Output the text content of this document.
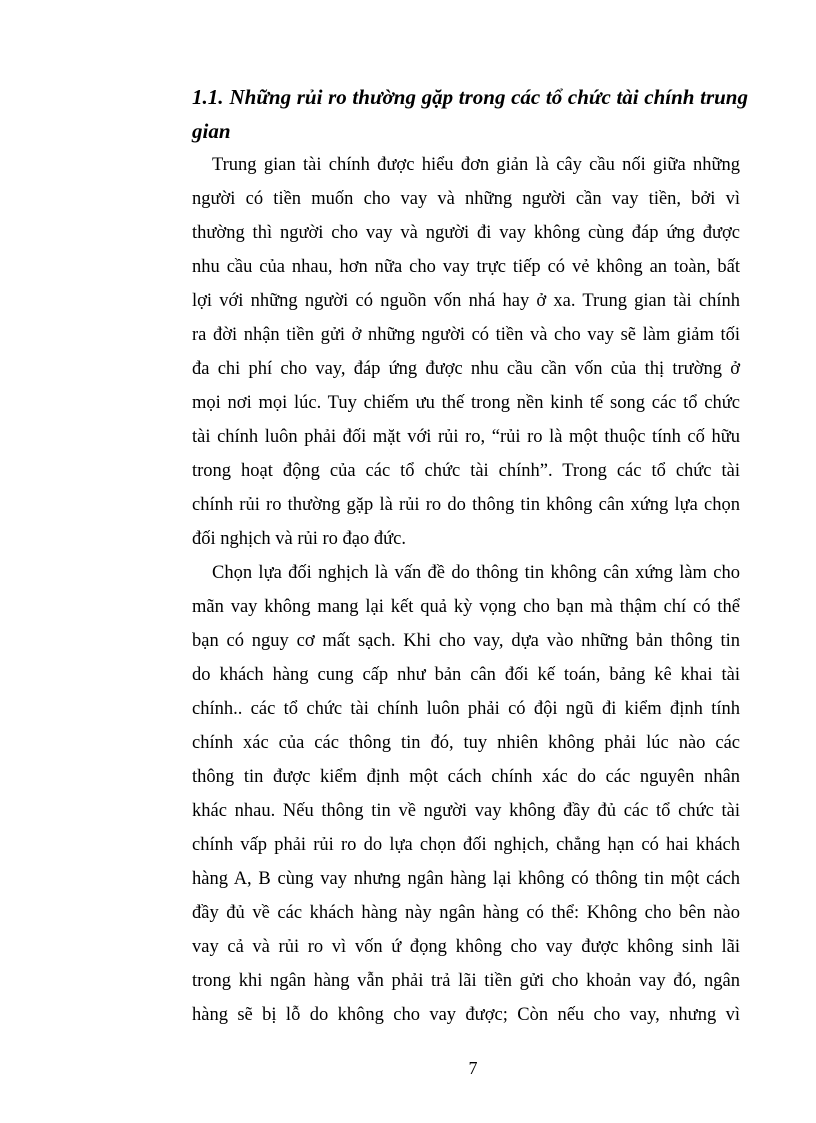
1.1. Những rủi ro thường gặp trong các tổ chức tài chính trung gian

Trung gian tài chính được hiểu đơn giản là cây cầu nối giữa những

người có tiền muốn cho vay và những người cần vay tiền, bởi vì

thường thì người cho vay và người đi vay không cùng đáp ứng được

nhu cầu của nhau, hơn nữa cho vay trực tiếp có vẻ không an toàn, bất

lợi với những người có nguồn vốn nhá hay ở xa. Trung gian tài chính

ra đời nhận tiền gửi ở những người có tiền và cho vay sẽ làm giảm tối

đa chi phí cho vay, đáp ứng được nhu cầu cần vốn của thị trường ở

mọi nơi mọi lúc. Tuy chiếm ưu thế trong nền kinh tế song các tổ chức

tài chính luôn phải đối mặt với rủi ro, “rủi ro là một thuộc tính cố hữu

trong hoạt động của các tổ chức tài chính”. Trong các tổ chức tài

chính rủi ro thường gặp là rủi ro do thông tin không cân xứng lựa chọn

đối nghịch và rủi ro đạo đức.

Chọn lựa đối nghịch là vấn đề do thông tin không cân xứng làm cho

mãn vay không mang lại kết quả kỳ vọng cho bạn mà thậm chí có thể

bạn có nguy cơ mất sạch. Khi cho vay, dựa vào những bản thông tin

do khách hàng cung cấp như bản cân đối kế toán, bảng kê khai tài

chính.. các tổ chức tài chính luôn phải có đội ngũ đi kiểm định tính

chính xác của các thông tin đó, tuy nhiên không phải lúc nào các

thông tin được kiểm định một cách chính xác do các nguyên nhân

khác nhau. Nếu thông tin về người vay không đầy đủ các tổ chức tài

chính vấp phải rủi ro do lựa chọn đối nghịch, chẳng hạn có hai khách

hàng A, B cùng vay nhưng ngân hàng lại không có thông tin một cách

đầy đủ về các khách hàng này ngân hàng có thể: Không cho bên nào

vay cả và rủi ro vì vốn ứ đọng không cho vay được không sinh lãi

trong khi ngân hàng vẫn phải trả lãi tiền gửi cho khoản vay đó, ngân

hàng sẽ bị lỗ do không cho vay được; Còn nếu cho vay, nhưng vì

7
